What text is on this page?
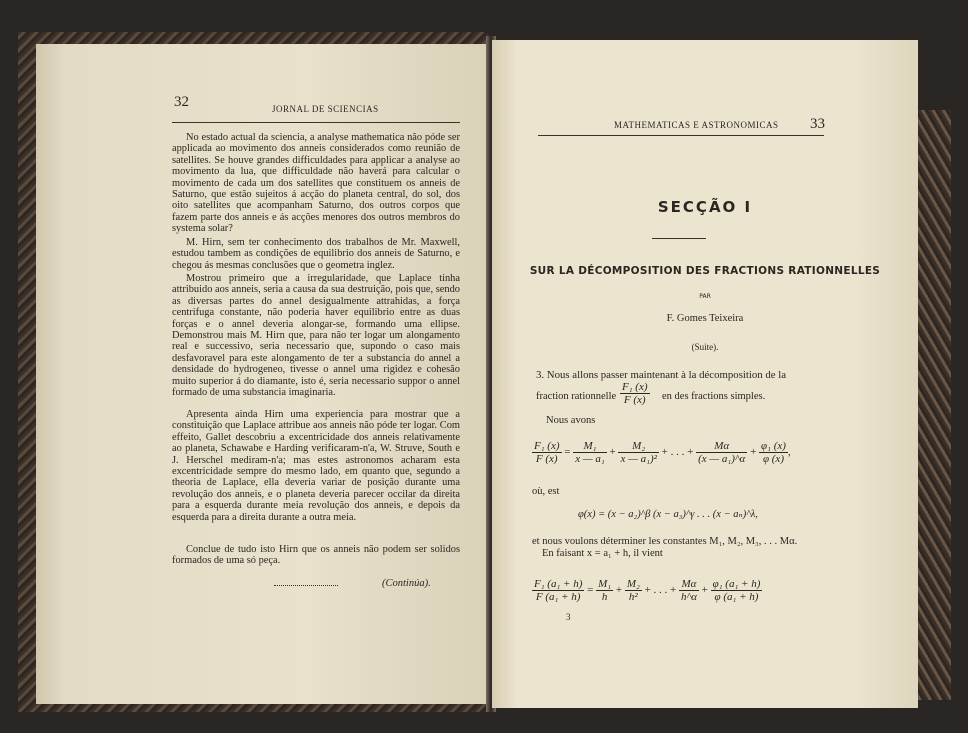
32	JORNAL DE SCIENCIAS

No estado actual da sciencia, a analyse mathematica não póde ser applicada ao movimento dos anneis considerados como reunião de satellites. Se houve grandes difficuldades para applicar a analyse ao movimento da lua, que difficuldade não haverá para calcular o movimento de cada um dos satellites que constituem os anneis de Saturno, que estão sujeitos á acção do planeta central, do sol, dos oito satellites que acompanham Saturno, dos outros corpos que fazem parte dos anneis e ás acções menores dos outros membros do systema solar?

M. Hirn, sem ter conhecimento dos trabalhos de Mr. Maxwell, estudou tambem as condições de equilibrio dos anneis de Saturno, e chegou ás mesmas conclusões que o geometra inglez.

Mostrou primeiro que a irregularidade, que Laplace tinha attribuido aos anneis, seria a causa da sua destruição, pois que, sendo as diversas partes do annel desigualmente attrahidas, a força centrifuga constante, não poderia haver equilibrio entre as duas forças e o annel deveria alongar-se, formando uma ellipse. Demonstrou mais M. Hirn que, para não ter logar um alongamento real e successivo, seria necessario que, supondo o caso mais desfavoravel para este alongamento de ter a substancia do annel a densidade do hydrogeneo, tivesse o annel uma rigidez e cohesão muito superior á do diamante, isto é, seria necessario suppor o annel formado de uma substancia imaginaria.

Apresenta ainda Hirn uma experiencia para mostrar que a constituição que Laplace attribue aos anneis não póde ter logar. Com effeito, Gallet descobriu a excentricidade dos anneis relativamente ao planeta, Schawabe e Harding verificaram-n'a, W. Struve, South e J. Herschel mediram-n'a; mas estes astronomos acharam esta excentricidade sempre do mesmo lado, em quanto que, segundo a theoria de Laplace, ella deveria variar de posição durante uma revolução dos anneis, e o planeta deveria parecer occilar da direita para a esquerda durante meia revolução dos anneis, e depois da esquerda para a direita durante a outra meia.

Conclue de tudo isto Hirn que os anneis não podem ser solidos formados de uma só peça.

(Continúa).
MATHEMATICAS E ASTRONOMICAS 33
SECÇÃO I
SUR LA DÉCOMPOSITION DES FRACTIONS RATIONNELLES
PAR
F. Gomes Teixeira
(Suite).
3. Nous allons passer maintenant à la décomposition de la
fraction rationnelle $\frac{\text{F₁ (x)}}{F (x)}$ en des fractions simples.
Nous avons
$\frac{\text{F₁ (x)}}{F (x)} = \frac{\text{M₁}}{\text{x — a₁}} + \frac{\text{M₂}}{\text{x — a₁)²}}$ + . . . + $\frac{M\alpha}{\text{(x — a₁)\textasciicircum{}α}} + \frac{\text{φ₁ (x)}}{\varphi (x)}$ ,
où, est
φ(x) = (x − a₂)^β (x − a₃)^γ . . . (x − aₙ)^λ,
et nous voulons déterminer les constantes M₁, M₂, M₃, . . . Mα.
En faisant x = a₁ + h, il vient
$\frac{\text{F₁ (a₁ + h)}}{\text{F (a₁ + h)}} = \frac{\text{M₁}}{h} + \frac{\text{M₂}}{\text{h²}}$ + . . . + $\frac{M\alpha}{h\^{}\alpha} + \frac{\text{φ₁ (a₁ + h)}}{\text{φ (a₁ + h)}}$
3
